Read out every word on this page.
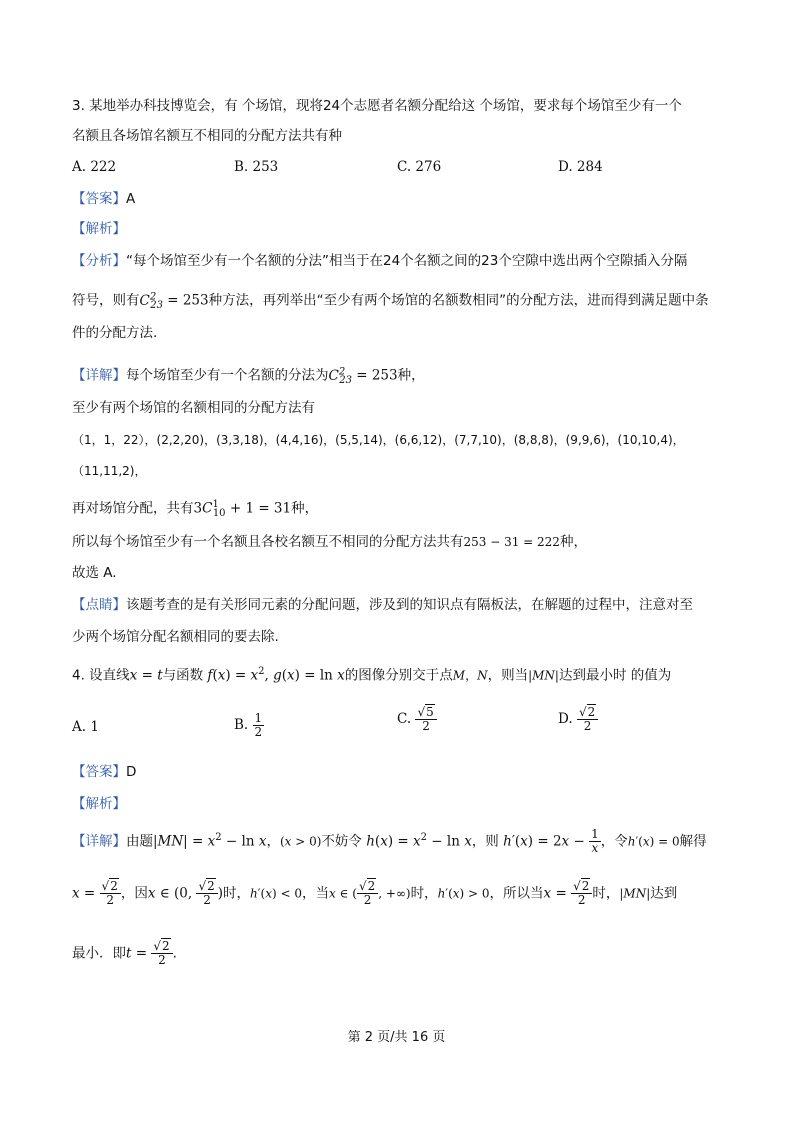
3. 某地举办科技博览会，有 个场馆，现将24个志愿者名额分配给这 个场馆，要求每个场馆至少有一个
名额且各场馆名额互不相同的分配方法共有种
A. 222	B. 253	C. 276	D. 284
【答案】A
【解析】
【分析】“每个场馆至少有一个名额的分法”相当于在24个名额之间的23个空隙中选出两个空隙插入分隔
符号，则有$C^2_{23} = 253$种方法，再列举出“至少有两个场馆的名额数相同”的分配方法，进而得到满足题中条
件的分配方法.
【详解】每个场馆至少有一个名额的分法为$C^2_{23} = 253$种，
至少有两个场馆的名额相同的分配方法有
（1，1，22），(2,2,20)，(3,3,18)，(4,4,16)，(5,5,14)，(6,6,12)，(7,7,10)，(8,8,8)，(9,9,6)，(10,10,4)，
（11,11,2)，
再对场馆分配，共有$3C^1_{10} + 1 = 31$种，
所以每个场馆至少有一个名额且各校名额互不相同的分配方法共有253 − 31 = 222种，
故选 A.
【点睛】该题考查的是有关形同元素的分配问题，涉及到的知识点有隔板法，在解题的过程中，注意对至
少两个场馆分配名额相同的要去除.
4. 设直线x = t与函数 $f(x) = x^2$, g(x) = ln x的图像分别交于点M，N，则当|MN|达到最小时 的值为
A. 1	B. $\frac{1}{2}$	C. $\frac{√5}{2}$	D. $\frac{√2}{2}$
【答案】D
【解析】
【详解】由题$|MN| = x^2 - \ln x$，(x > 0)不妨令 $h(x) = x^2 - \ln x$，则 $h'(x) = 2x - \frac{1}{x}$ ，令h′(x) = 0解得
$x = \frac{√2}{2}$ ，因x ∈ (0, $\frac{√2}{2}$ )时，h′(x) < 0，当x ∈ ( $\frac{√2}{2}$ , +∞)时，h′(x) > 0，所以当$x = \frac{√2}{2}$ 时，|MN|达到
最小．即$t = \frac{√2}{2}$ .
第 2 页/共 16 页
